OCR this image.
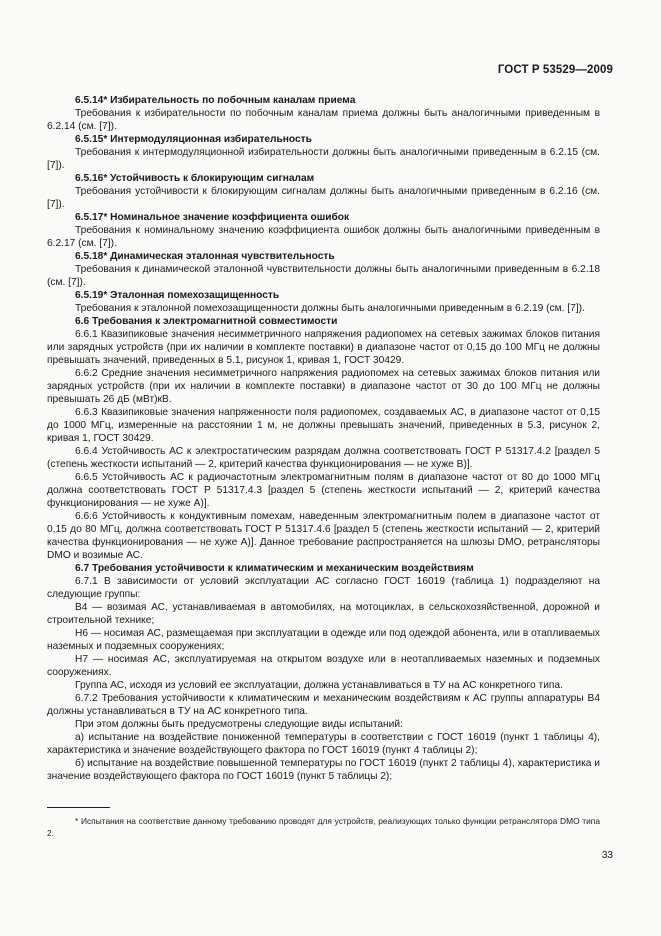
ГОСТ Р 53529—2009

6.5.14* Избирательность по побочным каналам приема

Требования к избирательности по побочным каналам приема должны быть аналогичными приведенным в 6.2.14 (см. [7]).

6.5.15* Интермодуляционная избирательность

Требования к интермодуляционной избирательности должны быть аналогичными приведенным в 6.2.15 (см. [7]).

6.5.16* Устойчивость к блокирующим сигналам

Требования устойчивости к блокирующим сигналам должны быть аналогичными приведенным в 6.2.16 (см. [7]).

6.5.17* Номинальное значение коэффициента ошибок

Требования к номинальному значению коэффициента ошибок должны быть аналогичными приведенным в 6.2.17 (см. [7]).

6.5.18* Динамическая эталонная чувствительность

Требования к динамической эталонной чувствительности должны быть аналогичными приведенным в 6.2.18 (см. [7]).

6.5.19* Эталонная помехозащищенность

Требования к эталонной помехозащищенности должны быть аналогичными приведенным в 6.2.19 (см. [7]).

6.6 Требования к электромагнитной совместимости

6.6.1 Квазипиковые значения несимметричного напряжения радиопомех на сетевых зажимах блоков питания или зарядных устройств (при их наличии в комплекте поставки) в диапазоне частот от 0,15 до 100 МГц не должны превышать значений, приведенных в 5.1, рисунок 1, кривая 1, ГОСТ 30429.

6.6.2 Средние значения несимметричного напряжения радиопомех на сетевых зажимах блоков питания или зарядных устройств (при их наличии в комплекте поставки) в диапазоне частот от 30 до 100 МГц не должны превышать 26 дБ (мВт)кВ.

6.6.3 Квазипиковые значения напряженности поля радиопомех, создаваемых АС, в диапазоне частот от 0,15 до 1000 МГц, измеренные на расстоянии 1 м, не должны превышать значений, приведенных в 5.3, рисунок 2, кривая 1, ГОСТ 30429.

6.6.4 Устойчивость АС к электростатическим разрядам должна соответствовать ГОСТ Р 51317.4.2 [раздел 5 (степень жесткости испытаний — 2, критерий качества функционирования — не хуже В)].

6.6.5 Устойчивость АС к радиочастотным электромагнитным полям в диапазоне частот от 80 до 1000 МГц должна соответствовать ГОСТ Р 51317.4.3 [раздел 5 (степень жесткости испытаний — 2, критерий качества функционирования — не хуже А)].

6.6.6 Устойчивость к кондуктивным помехам, наведенным электромагнитным полем в диапазоне частот от 0,15 до 80 МГц, должна соответствовать ГОСТ Р 51317.4.6 [раздел 5 (степень жесткости испытаний — 2, критерий качества функционирования — не хуже А)]. Данное требование распространяется на шлюзы DMO, ретрансляторы DMO и возимые АС.

6.7 Требования устойчивости к климатическим и механическим воздействиям

6.7.1 В зависимости от условий эксплуатации АС согласно ГОСТ 16019 (таблица 1) подразделяют на следующие группы:

В4 — возимая АС, устанавливаемая в автомобилях, на мотоциклах, в сельскохозяйственной, дорожной и строительной технике;

Н6 — носимая АС, размещаемая при эксплуатации в одежде или под одеждой абонента, или в отапливаемых наземных и подземных сооружениях;

Н7 — носимая АС, эксплуатируемая на открытом воздухе или в неотапливаемых наземных и подземных сооружениях.

Группа АС, исходя из условий ее эксплуатации, должна устанавливаться в ТУ на АС конкретного типа.

6.7.2 Требования устойчивости к климатическим и механическим воздействиям к АС группы аппаратуры В4 должны устанавливаться в ТУ на АС конкретного типа.

При этом должны быть предусмотрены следующие виды испытаний:

а) испытание на воздействие пониженной температуры в соответствии с ГОСТ 16019 (пункт 1 таблицы 4), характеристика и значение воздействующего фактора по ГОСТ 16019 (пункт 4 таблицы 2);

б) испытание на воздействие повышенной температуры по ГОСТ 16019 (пункт 2 таблицы 4), характеристика и значение воздействующего фактора по ГОСТ 16019 (пункт 5 таблицы 2);

* Испытания на соответствие данному требованию проводят для устройств, реализующих только функции ретранслятора DMO типа 2.
33
